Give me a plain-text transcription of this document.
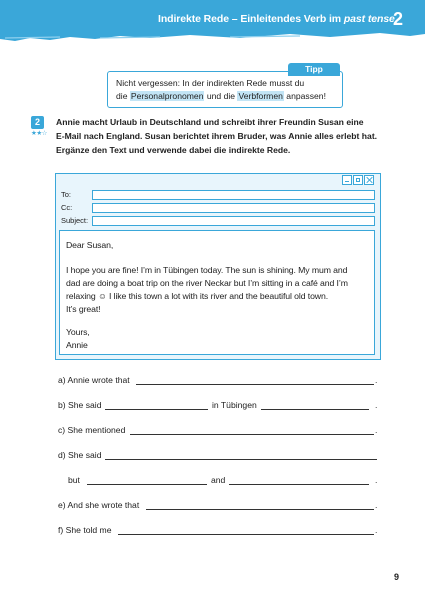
Indirekte Rede – Einleitendes Verb im past tense
2
Tipp
Nicht vergessen: In der indirekten Rede musst du
die Personalpronomen und die Verbformen anpassen!
2
★★☆
Annie macht Urlaub in Deutschland und schreibt ihrer Freundin Susan eine
E-Mail nach England. Susan berichtet ihrem Bruder, was Annie alles erlebt hat.
Ergänze den Text und verwende dabei die indirekte Rede.
To:
Cc:
Subject:
Dear Susan,
I hope you are fine! I’m in Tübingen today. The sun is shining. My mum and
dad are doing a boat trip on the river Neckar but I’m sitting in a café and I’m
relaxing ☺ I like this town a lot with its river and the beautiful old town.
It’s great!
Yours,
Annie
a) Annie wrote that	.
b) She said	in Tübingen	.
c) She mentioned	.
d) She said
but	and	.
e) And she wrote that	.
f) She told me	.
9
